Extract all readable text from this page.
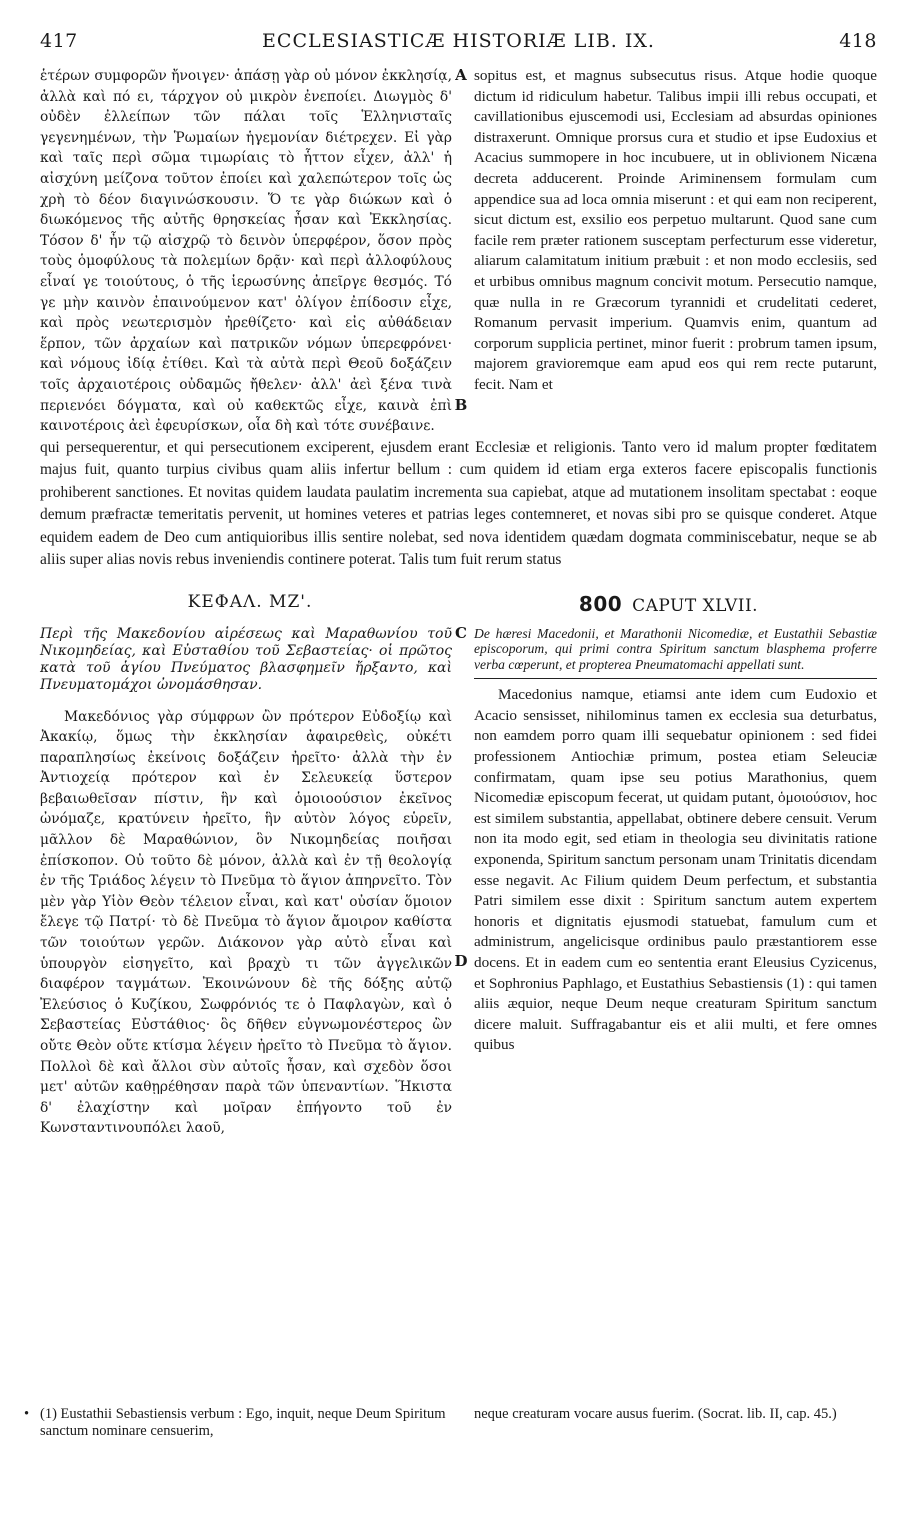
417	ECCLESIASTICÆ HISTORIÆ LIB. IX.	418

ἑτέρων συμφορῶν ἤνοιγεν· ἁπάσῃ γὰρ οὐ μόνον ἐκκλησίᾳ, ἀλλὰ καὶ πό ει, τάρχγον οὐ μικρὸν ἐνεποίει. Διωγμὸς δ' οὐδὲν ἐλλείπων τῶν πάλαι τοῖς Ἑλληνισταῖς γεγενημένων, τὴν Ῥωμαίων ἡγεμονίαν διέτρεχεν. Εἰ γὰρ καὶ ταῖς περὶ σῶμα τιμωρίαις τὸ ἧττον εἶχεν, ἀλλ' ἡ αἰσχύνη μείζονα τοῦτον ἐποίει καὶ χαλεπώτερον τοῖς ὡς χρὴ τὸ δέον διαγινώσκουσιν. Ὅ τε γὰρ διώκων καὶ ὁ διωκόμενος τῆς αὐτῆς θρησκείας ἦσαν καὶ Ἐκκλησίας. Τόσον δ' ἦν τῷ αἰσχρῷ τὸ δεινὸν ὑπερφέρον, ὅσον πρὸς τοὺς ὁμοφύλους τὰ πολεμίων δρᾷν· καὶ περὶ ἀλλοφύλους εἶναί γε τοιούτους, ὁ τῆς ἱερωσύνης ἀπεῖργε θεσμός. Τό γε μὴν καινὸν ἐπαινούμενον κατ' ὀλίγον ἐπίδοσιν εἶχε, καὶ πρὸς νεωτερισμὸν ἠρεθίζετο· καὶ εἰς αὐθάδειαν ἕρπον, τῶν ἀρχαίων καὶ πατρικῶν νόμων ὑπερεφρόνει· καὶ νόμους ἰδίᾳ ἐτίθει. Καὶ τὰ αὐτὰ περὶ Θεοῦ δοξάζειν τοῖς ἀρχαιοτέροις οὐδαμῶς ἤθελεν· ἀλλ' ἀεὶ ξένα τινὰ περιενόει δόγματα, καὶ οὐ καθεκτῶς εἶχε, καινὰ ἐπὶ καινοτέροις ἀεὶ ἐφευρίσκων, οἷα δὴ καὶ τότε συνέβαινε.

A
B

sopitus est, et magnus subsecutus risus. Atque hodie quoque dictum id ridiculum habetur. Talibus impii illi rebus occupati, et cavillationibus ejuscemodi usi, Ecclesiam ad absurdas opiniones distraxerunt. Omnique prorsus cura et studio et ipse Eudoxius et Acacius summopere in hoc incubuere, ut in oblivionem Nicæna decreta adducerent. Proinde Ariminensem formulam cum appendice sua ad loca omnia miserunt : et qui eam non reciperent, sicut dictum est, exsilio eos perpetuo multarunt. Quod sane cum facile rem præter rationem susceptam perfecturum esse videretur, aliarum calamitatum initium præbuit : et non modo ecclesiis, sed et urbibus omnibus magnum concivit motum. Persecutio namque, quæ nulla in re Græcorum tyrannidi et crudelitati cederet, Romanum pervasit imperium. Quamvis enim, quantum ad corporum supplicia pertinet, minor fuerit : probrum tamen ipsum, majorem gravioremque eam apud eos qui rem recte putarunt, fecit. Nam et

qui persequerentur, et qui persecutionem exciperent, ejusdem erant Ecclesiæ et religionis. Tanto vero id malum propter fœditatem majus fuit, quanto turpius civibus quam aliis infertur bellum : cum quidem id etiam erga exteros facere episcopalis functionis prohiberent sanctiones. Et novitas quidem laudata paulatim incrementa sua capiebat, atque ad mutationem insolitam spectabat : eoque demum præfractæ temeritatis pervenit, ut homines veteres et patrias leges contemneret, et novas sibi pro se quisque conderet. Atque equidem eadem de Deo cum antiquioribus illis sentire nolebat, sed nova identidem quædam dogmata comminiscebatur, neque se ab aliis super alias novis rebus inveniendis continere poterat. Talis tum fuit rerum status

ΚΕΦΑΛ. ΜΖ'.	800 CAPUT XLVII.

Περὶ τῆς Μακεδονίου αἱρέσεως καὶ Μαραθωνίου τοῦ Νικομηδείας, καὶ Εὐσταθίου τοῦ Σεβαστείας· οἱ πρῶτος κατὰ τοῦ ἁγίου Πνεύματος βλασφημεῖν ἤρξαντο, καὶ Πνευματομάχοι ὠνομάσθησαν.

Μακεδόνιος γὰρ σύμφρων ὢν πρότερον Εὐδοξίῳ καὶ Ἀκακίῳ, ὅμως τὴν ἐκκλησίαν ἀφαιρεθεὶς, οὐκέτι παραπλησίως ἐκείνοις δοξάζειν ἠρεῖτο· ἀλλὰ τὴν ἐν Ἀντιοχείᾳ πρότερον καὶ ἐν Σελευκείᾳ ὕστερον βεβαιωθεῖσαν πίστιν, ἣν καὶ ὁμοιοούσιον ἐκεῖνος ὠνόμαζε, κρατύνειν ἠρεῖτο, ἣν αὐτὸν λόγος εὑρεῖν, μᾶλλον δὲ Μαραθώνιον, ὃν Νικομηδείας ποιῆσαι ἐπίσκοπον. Οὐ τοῦτο δὲ μόνον, ἀλλὰ καὶ ἐν τῇ θεολογίᾳ ἐν τῆς Τριάδος λέγειν τὸ Πνεῦμα τὸ ἅγιον ἀπηρνεῖτο. Τὸν μὲν γὰρ Υἱὸν Θεὸν τέλειον εἶναι, καὶ κατ' οὐσίαν ὅμοιον ἔλεγε τῷ Πατρί· τὸ δὲ Πνεῦμα τὸ ἅγιον ἄμοιρον καθίστα τῶν τοιούτων γερῶν. Διάκονον γὰρ αὐτὸ εἶναι καὶ ὑπουργὸν εἰσηγεῖτο, καὶ βραχὺ τι τῶν ἀγγελικῶν διαφέρον ταγμάτων. Ἐκοινώνουν δὲ τῆς δόξης αὐτῷ Ἐλεύσιος ὁ Κυζίκου, Σωφρόνιός τε ὁ Παφλαγὼν, καὶ ὁ Σεβαστείας Εὐστάθιος· ὃς δῆθεν εὐγνωμονέστερος ὢν οὔτε Θεὸν οὔτε κτίσμα λέγειν ἠρεῖτο τὸ Πνεῦμα τὸ ἅγιον. Πολλοὶ δὲ καὶ ἄλλοι σὺν αὐτοῖς ἦσαν, καὶ σχεδὸν ὅσοι μετ' αὐτῶν καθῃρέθησαν παρὰ τῶν ὑπεναντίων. Ἥκιστα δ' ἐλαχίστην καὶ μοῖραν ἐπήγοντο τοῦ ἐν Κωνσταντινουπόλει λαοῦ,

C
D

De hæresi Macedonii, et Marathonii Nicomediæ, et Eustathii Sebastiæ episcoporum, qui primi contra Spiritum sanctum blasphema proferre verba cœperunt, et propterea Pneumatomachi appellati sunt.

Macedonius namque, etiamsi ante idem cum Eudoxio et Acacio sensisset, nihilominus tamen ex ecclesia sua deturbatus, non eamdem porro quam illi sequebatur opinionem : sed fidei professionem Antiochiæ primum, postea etiam Seleuciæ confirmatam, quam ipse seu potius Marathonius, quem Nicomediæ episcopum fecerat, ut quidam putant, ὁμοιούσιον, hoc est similem substantia, appellabat, obtinere debere censuit. Verum non ita modo egit, sed etiam in theologia seu divinitatis ratione exponenda, Spiritum sanctum personam unam Trinitatis dicendam esse negavit. Ac Filium quidem Deum perfectum, et substantia Patri similem esse dixit : Spiritum sanctum autem expertem honoris et dignitatis ejusmodi statuebat, famulum cum et administrum, angelicisque ordinibus paulo præstantiorem esse docens. Et in eadem cum eo sententia erant Eleusius Cyzicenus, et Sophronius Paphlago, et Eustathius Sebastiensis (1) : qui tamen aliis æquior, neque Deum neque creaturam Spiritum sanctum dicere maluit. Suffragabantur eis et alii multi, et fere omnes quibus

• (1) Eustathii Sebastiensis verbum : Ego, inquit, neque Deum Spiritum sanctum nominare censuerim,
neque creaturam vocare ausus fuerim. (Socrat. lib. II, cap. 45.)
